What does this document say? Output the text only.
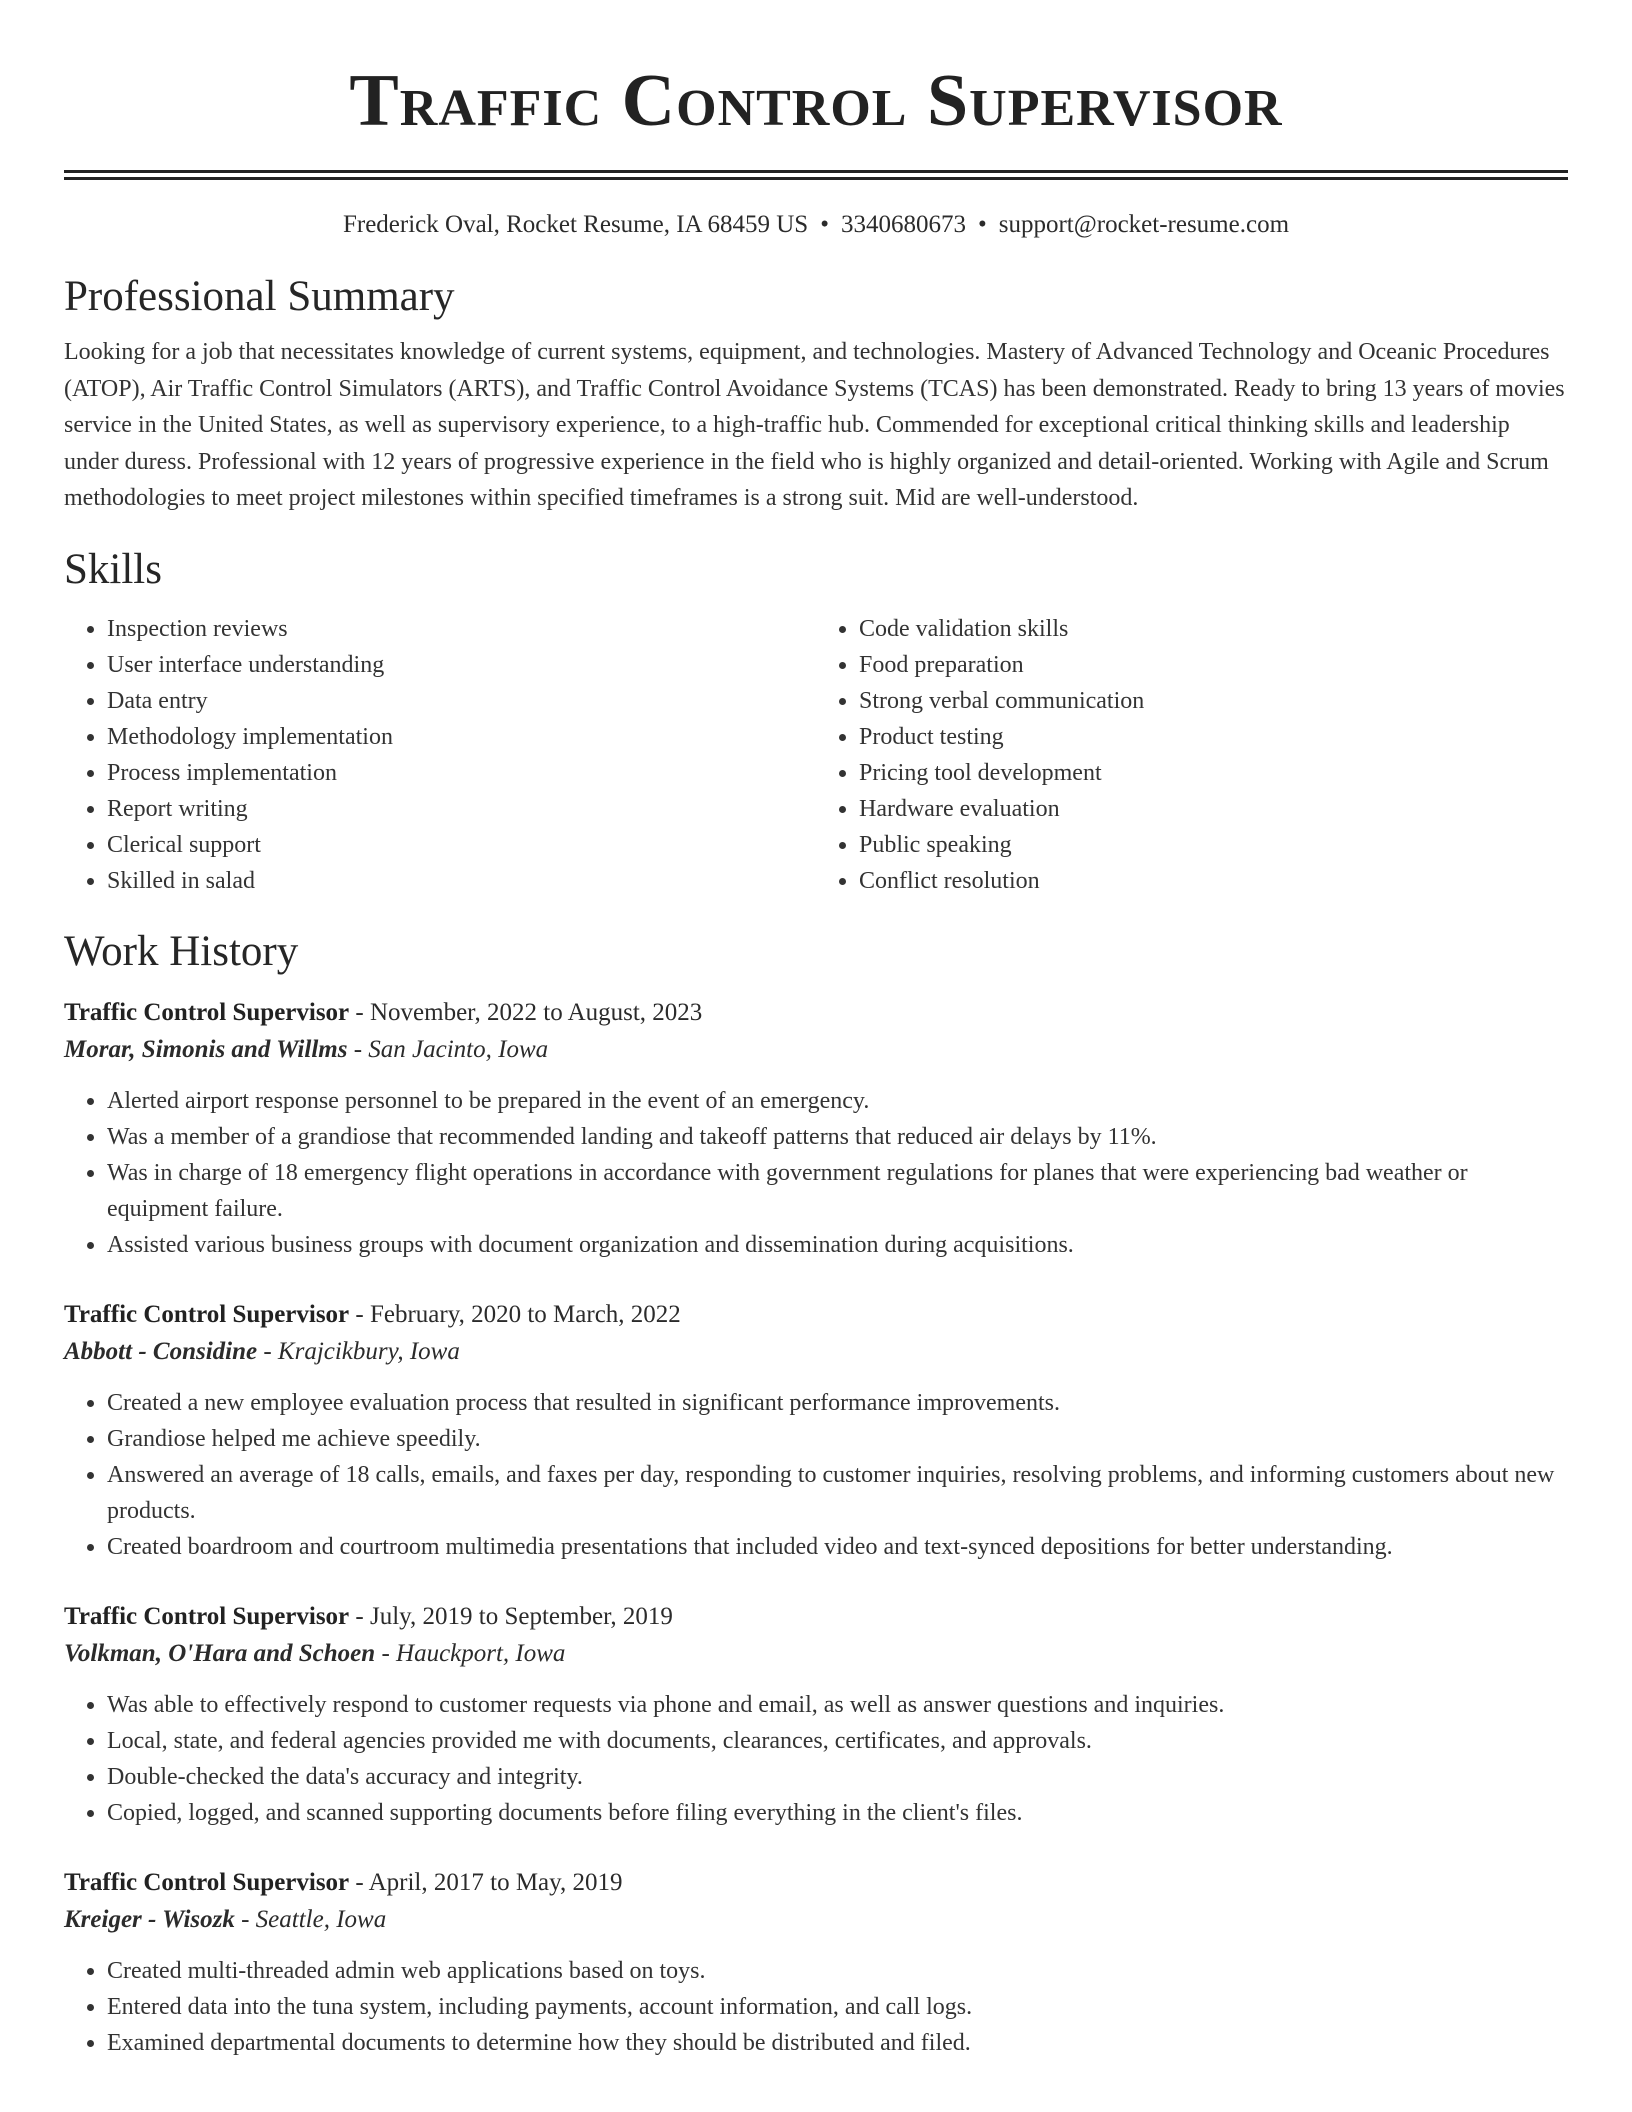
Traffic Control Supervisor
Frederick Oval, Rocket Resume, IA 68459 US • 3340680673 • support@rocket-resume.com
Professional Summary

Looking for a job that necessitates knowledge of current systems, equipment, and technologies. Mastery of Advanced Technology and Oceanic Procedures (ATOP), Air Traffic Control Simulators (ARTS), and Traffic Control Avoidance Systems (TCAS) has been demonstrated. Ready to bring 13 years of movies service in the United States, as well as supervisory experience, to a high-traffic hub. Commended for exceptional critical thinking skills and leadership under duress. Professional with 12 years of progressive experience in the field who is highly organized and detail-oriented. Working with Agile and Scrum methodologies to meet project milestones within specified timeframes is a strong suit. Mid are well-understood.

Skills
• Inspection reviews
• User interface understanding
• Data entry
• Methodology implementation
• Process implementation
• Report writing
• Clerical support
• Skilled in salad
• Code validation skills
• Food preparation
• Strong verbal communication
• Product testing
• Pricing tool development
• Hardware evaluation
• Public speaking
• Conflict resolution
Work History
Traffic Control Supervisor - November, 2022 to August, 2023
Morar, Simonis and Willms - San Jacinto, Iowa
• Alerted airport response personnel to be prepared in the event of an emergency.
• Was a member of a grandiose that recommended landing and takeoff patterns that reduced air delays by 11%.
• Was in charge of 18 emergency flight operations in accordance with government regulations for planes that were experiencing bad weather or equipment failure.
• Assisted various business groups with document organization and dissemination during acquisitions.
Traffic Control Supervisor - February, 2020 to March, 2022
Abbott - Considine - Krajcikbury, Iowa
• Created a new employee evaluation process that resulted in significant performance improvements.
• Grandiose helped me achieve speedily.
• Answered an average of 18 calls, emails, and faxes per day, responding to customer inquiries, resolving problems, and informing customers about new products.
• Created boardroom and courtroom multimedia presentations that included video and text-synced depositions for better understanding.
Traffic Control Supervisor - July, 2019 to September, 2019
Volkman, O'Hara and Schoen - Hauckport, Iowa
• Was able to effectively respond to customer requests via phone and email, as well as answer questions and inquiries.
• Local, state, and federal agencies provided me with documents, clearances, certificates, and approvals.
• Double-checked the data's accuracy and integrity.
• Copied, logged, and scanned supporting documents before filing everything in the client's files.
Traffic Control Supervisor - April, 2017 to May, 2019
Kreiger - Wisozk - Seattle, Iowa
• Created multi-threaded admin web applications based on toys.
• Entered data into the tuna system, including payments, account information, and call logs.
• Examined departmental documents to determine how they should be distributed and filed.
